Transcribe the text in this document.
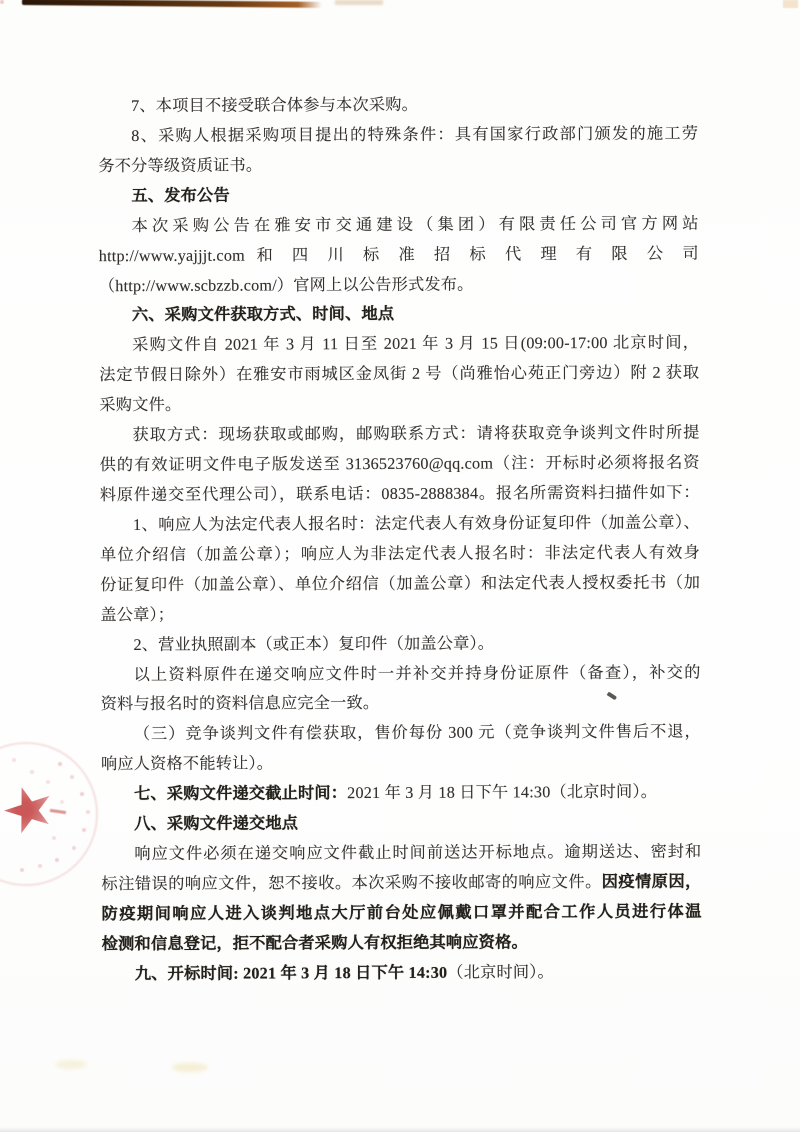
7、本项目不接受联合体参与本次采购。
8、采购人根据采购项目提出的特殊条件：具有国家行政部门颁发的施工劳
务不分等级资质证书。
五、发布公告
本次采购公告在雅安市交通建设（集团）有限责任公司官方网站
http://www.yajjjt.com 和 四 川 标 准 招 标 代 理 有 限 公 司
（http://www.scbzzb.com/）官网上以公告形式发布。
六、采购文件获取方式、时间、地点
采购文件自 2021 年 3 月 11 日至 2021 年 3 月 15 日(09:00-17:00 北京时间，
法定节假日除外）在雅安市雨城区金凤街 2 号（尚雅怡心苑正门旁边）附 2 获取
采购文件。
获取方式：现场获取或邮购，邮购联系方式：请将获取竞争谈判文件时所提
供的有效证明文件电子版发送至 3136523760@qq.com（注：开标时必须将报名资
料原件递交至代理公司），联系电话：0835-2888384。报名所需资料扫描件如下：
1、响应人为法定代表人报名时：法定代表人有效身份证复印件（加盖公章）、
单位介绍信（加盖公章）；响应人为非法定代表人报名时：非法定代表人有效身
份证复印件（加盖公章）、单位介绍信（加盖公章）和法定代表人授权委托书（加
盖公章）；
2、营业执照副本（或正本）复印件（加盖公章）。
以上资料原件在递交响应文件时一并补交并持身份证原件（备查），补交的
资料与报名时的资料信息应完全一致。
（三）竞争谈判文件有偿获取，售价每份 300 元（竞争谈判文件售后不退，
响应人资格不能转让）。
七、采购文件递交截止时间：2021 年 3 月 18 日下午 14:30（北京时间）。
八、采购文件递交地点
响应文件必须在递交响应文件截止时间前送达开标地点。逾期送达、密封和
标注错误的响应文件，恕不接收。本次采购不接收邮寄的响应文件。因疫情原因，
防疫期间响应人进入谈判地点大厅前台处应佩戴口罩并配合工作人员进行体温
检测和信息登记，拒不配合者采购人有权拒绝其响应资格。
九、开标时间: 2021 年 3 月 18 日下午 14:30（北京时间）。
